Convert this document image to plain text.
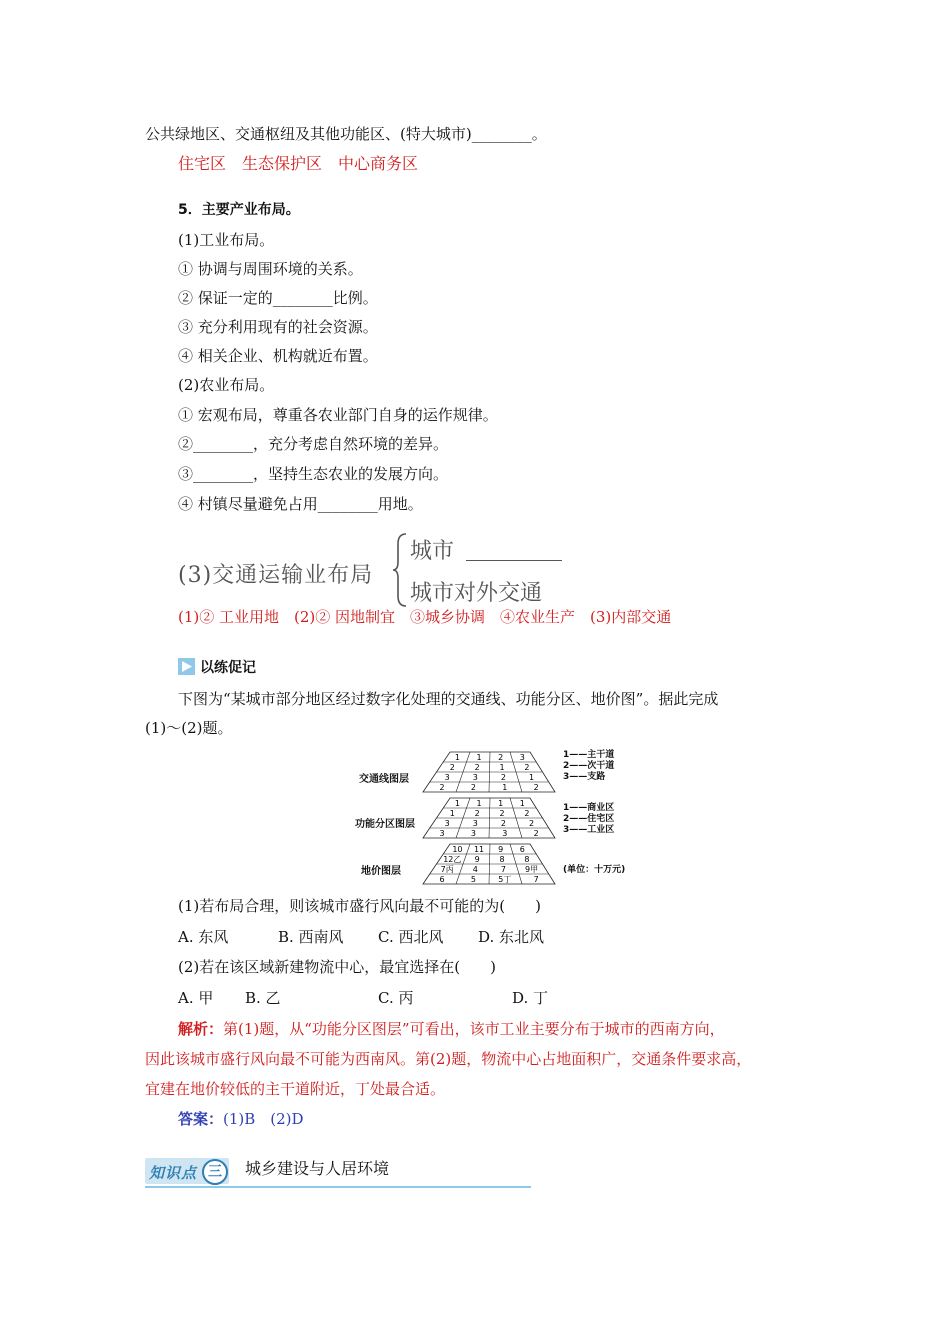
公共绿地区、交通枢纽及其他功能区、(特大城市)________。
住宅区　生态保护区　中心商务区
5．主要产业布局。
(1)工业布局。
① 协调与周围环境的关系。
② 保证一定的________比例。
③ 充分利用现有的社会资源。
④ 相关企业、机构就近布置。
(2)农业布局。
① 宏观布局，尊重各农业部门自身的运作规律。
②________，充分考虑自然环境的差异。
③________，坚持生态农业的发展方向。
④ 村镇尽量避免占用________用地。
(3)交通运输业布局
城市
城市对外交通
(1)② 工业用地　(2)② 因地制宜　③城乡协调　④农业生产　(3)内部交通
以练促记
下图为“某城市部分地区经过数字化处理的交通线、功能分区、地价图”。据此完成
(1)～(2)题。
交通线图层
功能分区图层
地价图层
1 1 2 3
2 2 1 2
3	3	2	1
2	2	1	2
1 1 1 1
1 2 2 2
3	3	2	2
3	3	3	2
10 11 9 6
12乙 9 8 8
7丙 4	7 9甲
6	5	5丁	7
1——主干道
2——次干道
3——支路
1——商业区
2——住宅区
3——工业区
(单位：十万元)
(1)若布局合理，则该城市盛行风向最不可能的为(　　)
A. 东风	B. 西南风 C. 西北风 D. 东北风
(2)若在该区域新建物流中心，最宜选择在(　　)
A. 甲 B. 乙	C. 丙	D. 丁
解析：第(1)题，从“功能分区图层”可看出，该市工业主要分布于城市的西南方向，
因此该城市盛行风向最不可能为西南风。第(2)题，物流中心占地面积广，交通条件要求高，
宜建在地价较低的主干道附近，丁处最合适。
答案：(1)B　(2)D
知识点 三	城乡建设与人居环境
